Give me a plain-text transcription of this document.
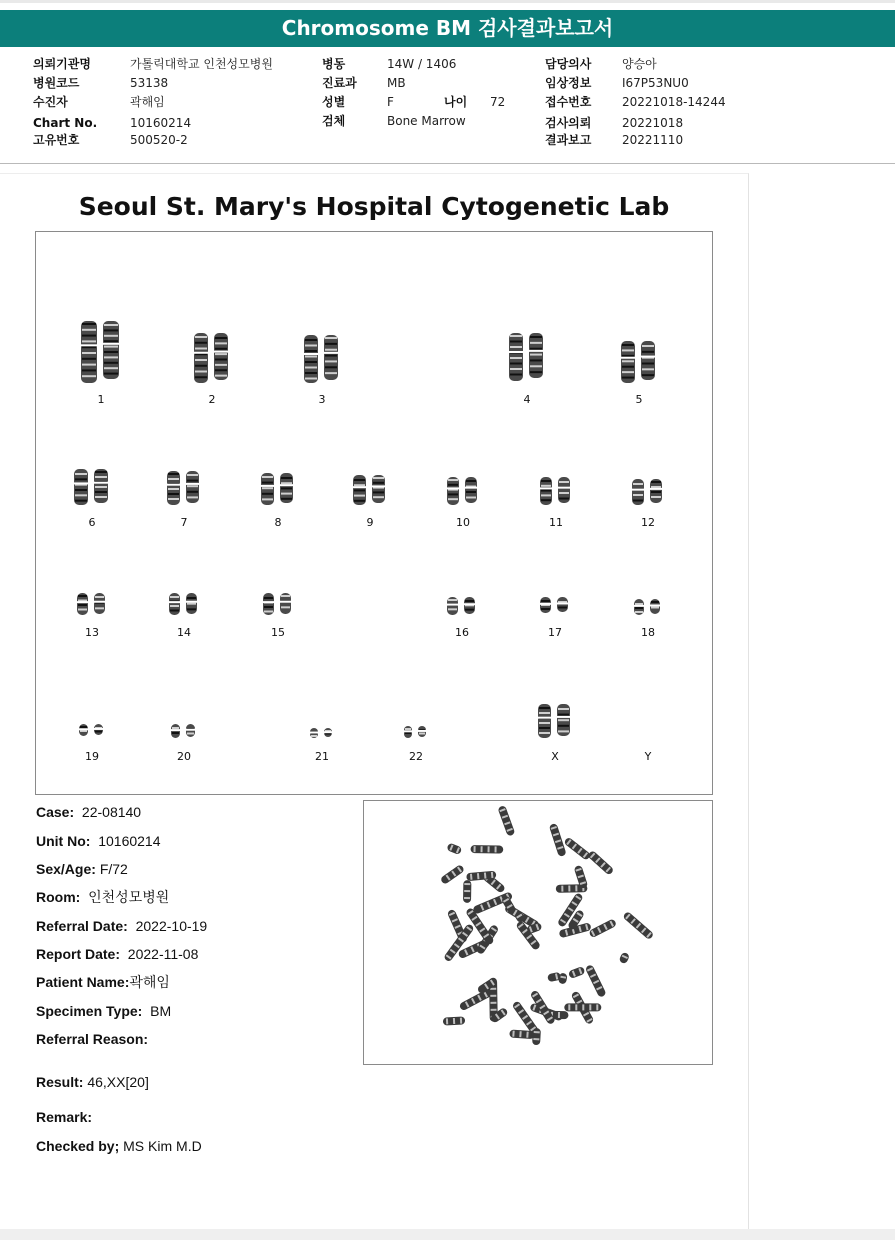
Chromosome BM 검사결과보고서
의뢰기관명	가톨릭대학교 인천성모병원
병원코드	53138
수진자	곽해임
Chart No.	10160214
고유번호	500520-2
병동	14W / 1406
진료과	MB
성별	F	나이 72
검체	Bone Marrow
담당의사	양승아
임상정보	I67P53NU0
접수번호	20221018-14244
검사의뢰	20221018
결과보고	20221110
Seoul St. Mary's Hospital Cytogenetic Lab
1	2	3	4	5
6	7	8	9	10	11	12
13	14	15	16	17	18
19	20	21	22	X	Y
Case: 22-08140
Unit No: 10160214
Sex/Age: F/72
Room: 인천성모병원
Referral Date: 2022-10-19
Report Date: 2022-11-08
Patient Name:곽해임
Specimen Type: BM
Referral Reason:
Result: 46,XX[20]
Remark:
Checked by; MS Kim M.D
